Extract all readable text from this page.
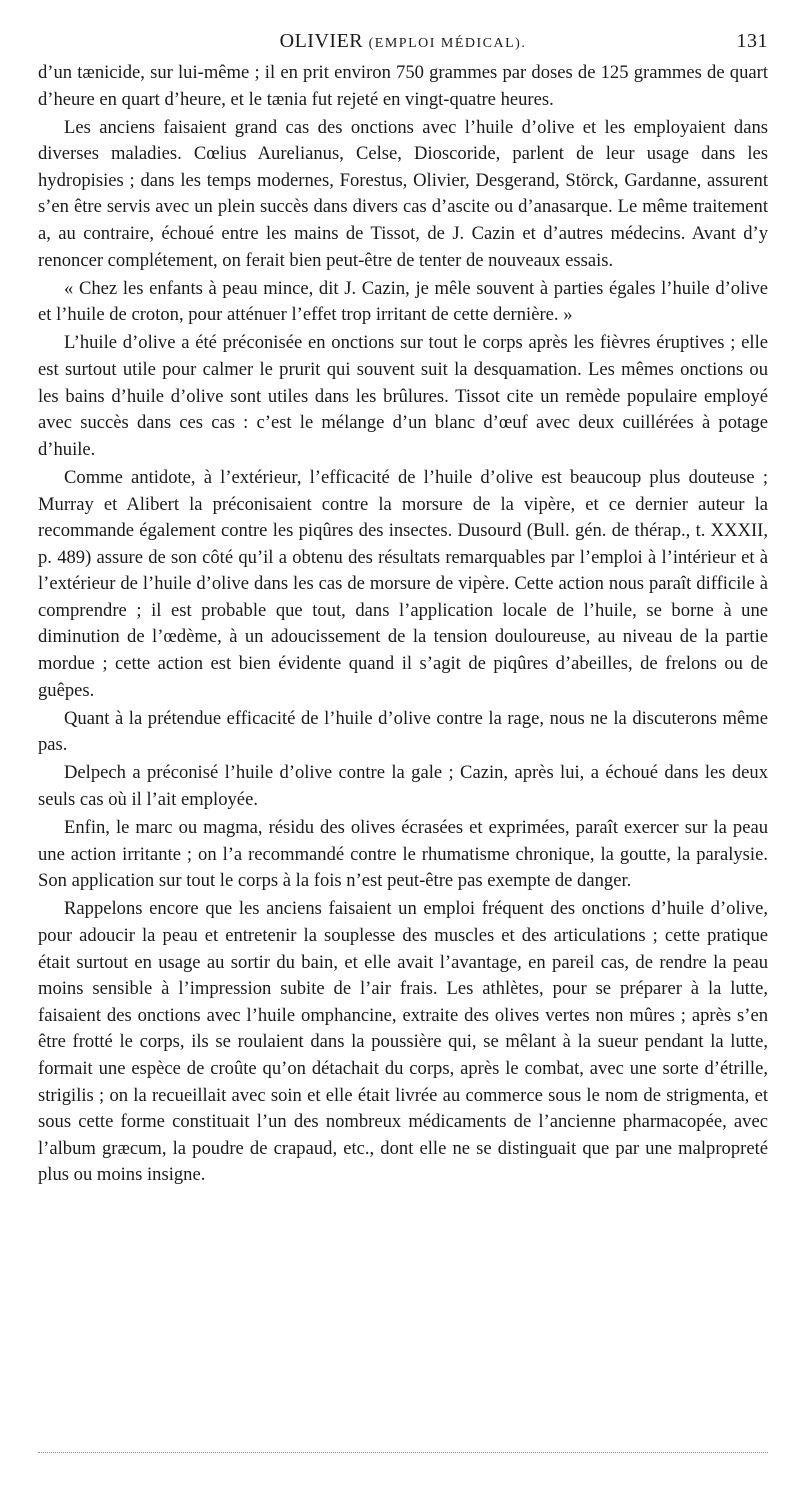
OLIVIER (EMPLOI MÉDICAL).	131

d’un tænicide, sur lui-même ; il en prit environ 750 grammes par doses de 125 grammes de quart d’heure en quart d’heure, et le tænia fut rejeté en vingt-quatre heures.

Les anciens faisaient grand cas des onctions avec l’huile d’olive et les employaient dans diverses maladies. Cœlius Aurelianus, Celse, Dioscoride, parlent de leur usage dans les hydropisies ; dans les temps modernes, Forestus, Olivier, Desgerand, Störck, Gardanne, assurent s’en être servis avec un plein succès dans divers cas d’ascite ou d’anasarque. Le même traitement a, au contraire, échoué entre les mains de Tissot, de J. Cazin et d’autres médecins. Avant d’y renoncer complétement, on ferait bien peut-être de tenter de nouveaux essais.

« Chez les enfants à peau mince, dit J. Cazin, je mêle souvent à parties égales l’huile d’olive et l’huile de croton, pour atténuer l’effet trop irritant de cette dernière. »

L’huile d’olive a été préconisée en onctions sur tout le corps après les fièvres éruptives ; elle est surtout utile pour calmer le prurit qui souvent suit la desquamation. Les mêmes onctions ou les bains d’huile d’olive sont utiles dans les brûlures. Tissot cite un remède populaire employé avec succès dans ces cas : c’est le mélange d’un blanc d’œuf avec deux cuillérées à potage d’huile.

Comme antidote, à l’extérieur, l’efficacité de l’huile d’olive est beaucoup plus douteuse ; Murray et Alibert la préconisaient contre la morsure de la vipère, et ce dernier auteur la recommande également contre les piqûres des insectes. Dusourd (Bull. gén. de thérap., t. XXXII, p. 489) assure de son côté qu’il a obtenu des résultats remarquables par l’emploi à l’intérieur et à l’extérieur de l’huile d’olive dans les cas de morsure de vipère. Cette action nous paraît difficile à comprendre ; il est probable que tout, dans l’application locale de l’huile, se borne à une diminution de l’œdème, à un adoucissement de la tension douloureuse, au niveau de la partie mordue ; cette action est bien évidente quand il s’agit de piqûres d’abeilles, de frelons ou de guêpes.

Quant à la prétendue efficacité de l’huile d’olive contre la rage, nous ne la discuterons même pas.

Delpech a préconisé l’huile d’olive contre la gale ; Cazin, après lui, a échoué dans les deux seuls cas où il l’ait employée.

Enfin, le marc ou magma, résidu des olives écrasées et exprimées, paraît exercer sur la peau une action irritante ; on l’a recommandé contre le rhumatisme chronique, la goutte, la paralysie. Son application sur tout le corps à la fois n’est peut-être pas exempte de danger.

Rappelons encore que les anciens faisaient un emploi fréquent des onctions d’huile d’olive, pour adoucir la peau et entretenir la souplesse des muscles et des articulations ; cette pratique était surtout en usage au sortir du bain, et elle avait l’avantage, en pareil cas, de rendre la peau moins sensible à l’impression subite de l’air frais. Les athlètes, pour se préparer à la lutte, faisaient des onctions avec l’huile omphancine, extraite des olives vertes non mûres ; après s’en être frotté le corps, ils se roulaient dans la poussière qui, se mêlant à la sueur pendant la lutte, formait une espèce de croûte qu’on détachait du corps, après le combat, avec une sorte d’étrille, strigilis ; on la recueillait avec soin et elle était livrée au commerce sous le nom de strigmenta, et sous cette forme constituait l’un des nombreux médicaments de l’ancienne pharmacopée, avec l’album græcum, la poudre de crapaud, etc., dont elle ne se distinguait que par une malpropreté plus ou moins insigne.
